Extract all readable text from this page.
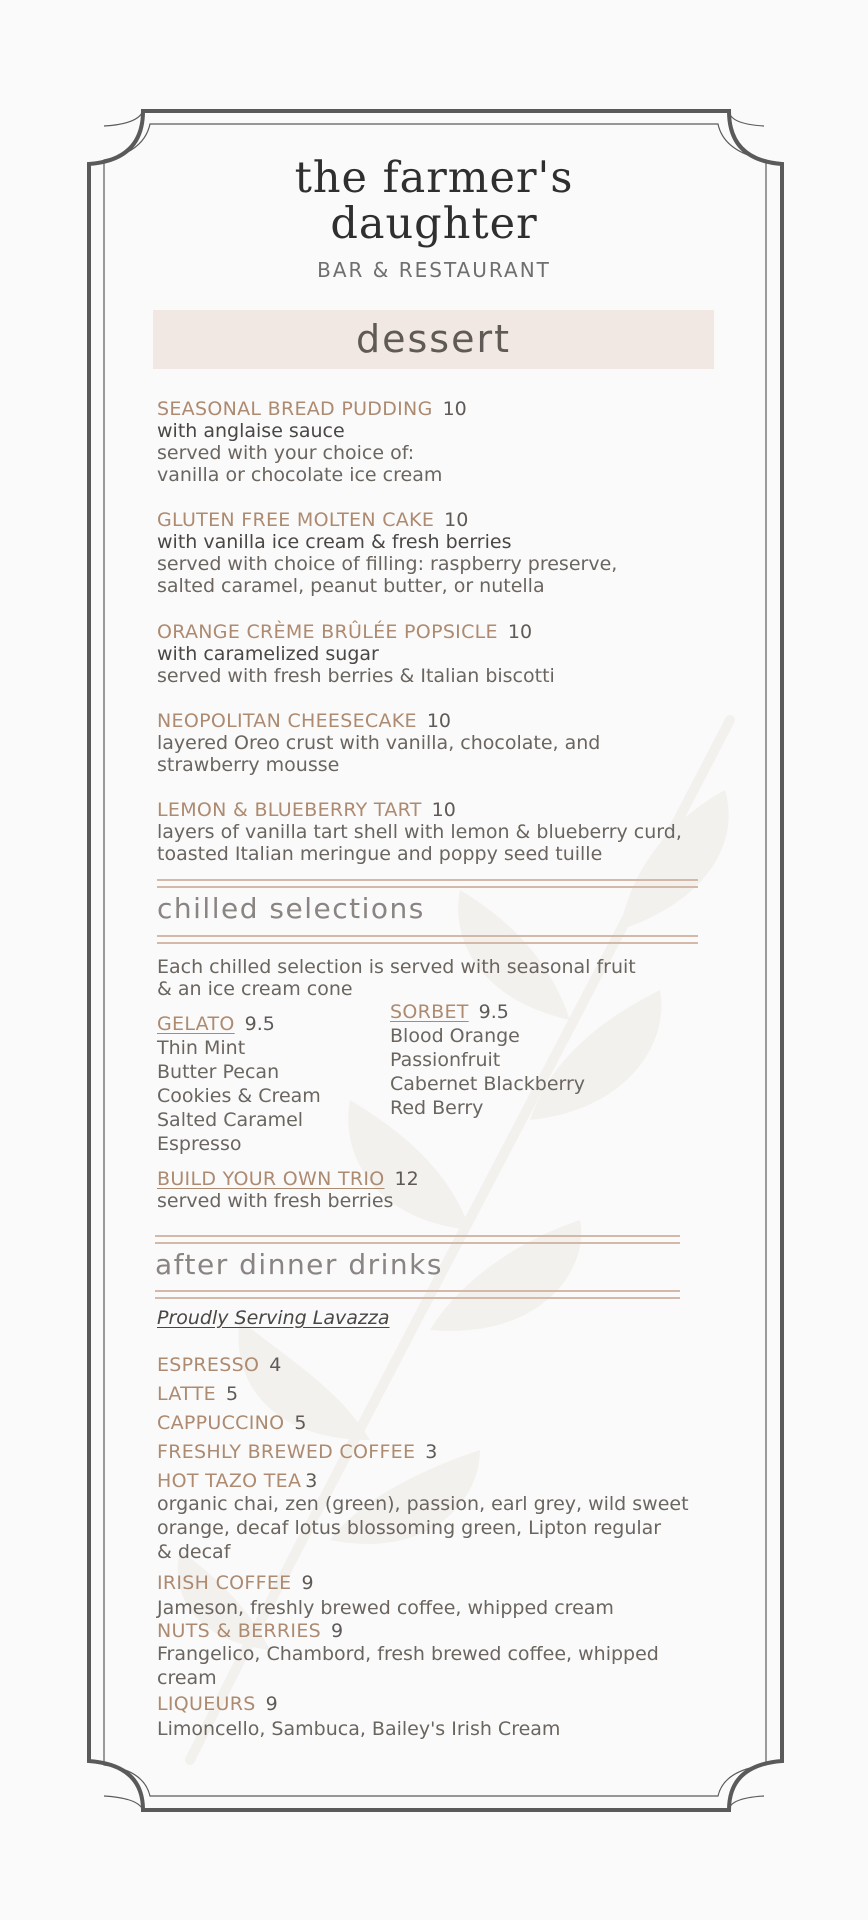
the farmer's
daughter
BAR & RESTAURANT
dessert
SEASONAL BREAD PUDDING 10
with anglaise sauce
served with your choice of:
vanilla or chocolate ice cream
GLUTEN FREE MOLTEN CAKE 10
with vanilla ice cream & fresh berries
served with choice of filling: raspberry preserve,
salted caramel, peanut butter, or nutella
ORANGE CRÈME BRÛLÉE POPSICLE 10
with caramelized sugar
served with fresh berries & Italian biscotti
NEOPOLITAN CHEESECAKE 10
layered Oreo crust with vanilla, chocolate, and
strawberry mousse
LEMON & BLUEBERRY TART 10
layers of vanilla tart shell with lemon & blueberry curd,
toasted Italian meringue and poppy seed tuille
chilled selections
Each chilled selection is served with seasonal fruit
& an ice cream cone
GELATO 9.5
Thin Mint
Butter Pecan
Cookies & Cream
Salted Caramel
Espresso
SORBET 9.5
Blood Orange
Passionfruit
Cabernet Blackberry
Red Berry
BUILD YOUR OWN TRIO 12
served with fresh berries
after dinner drinks
Proudly Serving Lavazza
ESPRESSO 4
LATTE 5
CAPPUCCINO 5
FRESHLY BREWED COFFEE 3
HOT TAZO TEA 3
organic chai, zen (green), passion, earl grey, wild sweet
orange, decaf lotus blossoming green, Lipton regular
& decaf
IRISH COFFEE 9
Jameson, freshly brewed coffee, whipped cream
NUTS & BERRIES 9
Frangelico, Chambord, fresh brewed coffee, whipped
cream
LIQUEURS 9
Limoncello, Sambuca, Bailey's Irish Cream
